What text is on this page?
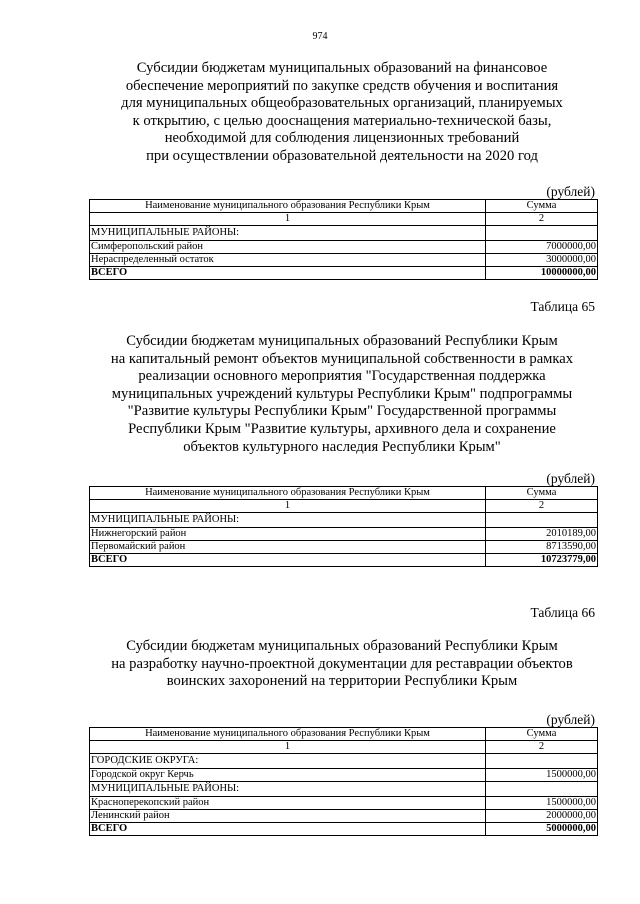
974
Субсидии бюджетам муниципальных образований на финансовое
обеспечение мероприятий по закупке средств обучения и воспитания
для муниципальных общеобразовательных организаций, планируемых
к открытию, с целью дооснащения материально-технической базы,
необходимой для соблюдения лицензионных требований
при осуществлении образовательной деятельности на 2020 год
(рублей)
Наименование муниципального образования Республики Крым	Сумма
1	2
МУНИЦИПАЛЬНЫЕ РАЙОНЫ:	
Симферопольский район	7000000,00
Нераспределенный остаток	3000000,00
ВСЕГО	10000000,00
Таблица 65
Субсидии бюджетам муниципальных образований Республики Крым
на капитальный ремонт объектов муниципальной собственности в рамках
реализации основного мероприятия "Государственная поддержка
муниципальных учреждений культуры Республики Крым" подпрограммы
"Развитие культуры Республики Крым" Государственной программы
Республики Крым "Развитие культуры, архивного дела и сохранение
объектов культурного наследия Республики Крым"
(рублей)
Наименование муниципального образования Республики Крым	Сумма
1	2
МУНИЦИПАЛЬНЫЕ РАЙОНЫ:	
Нижнегорский район	2010189,00
Первомайский район	8713590,00
ВСЕГО	10723779,00
Таблица 66
Субсидии бюджетам муниципальных образований Республики Крым
на разработку научно-проектной документации для реставрации объектов
воинских захоронений на территории Республики Крым
(рублей)
Наименование муниципального образования Республики Крым	Сумма
1	2
ГОРОДСКИЕ ОКРУГА:	
Городской округ Керчь	1500000,00
МУНИЦИПАЛЬНЫЕ РАЙОНЫ:	
Красноперекопский район	1500000,00
Ленинский район	2000000,00
ВСЕГО	5000000,00
